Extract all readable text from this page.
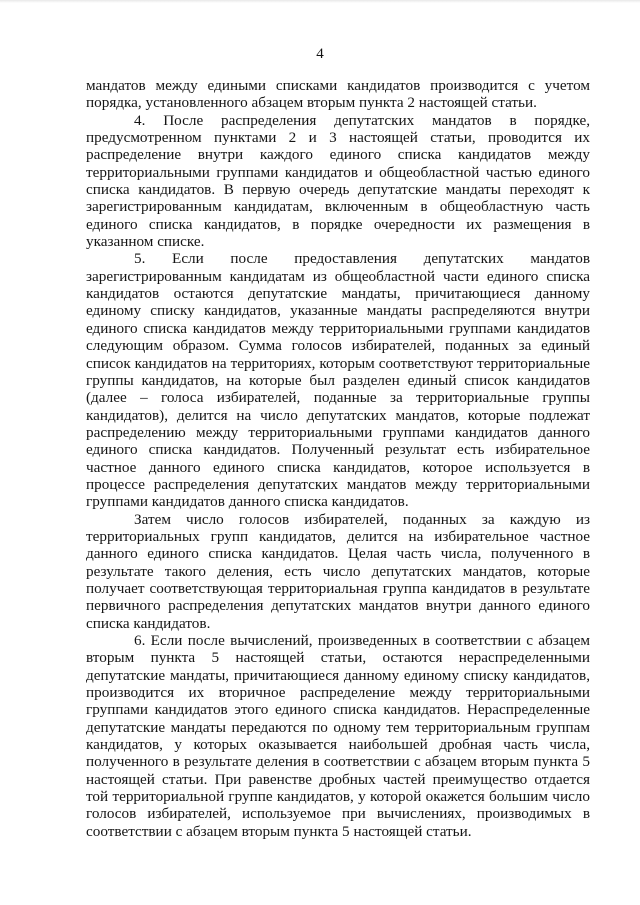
4

мандатов между едиными списками кандидатов производится с учетом порядка, установленного абзацем вторым пункта 2 настоящей статьи.

4. После распределения депутатских мандатов в порядке, предусмотренном пунктами 2 и 3 настоящей статьи, проводится их распределение внутри каждого единого списка кандидатов между территориальными группами кандидатов и общеобластной частью единого списка кандидатов. В первую очередь депутатские мандаты переходят к зарегистрированным кандидатам, включенным в общеобластную часть единого списка кандидатов, в порядке очередности их размещения в указанном списке.

5. Если после предоставления депутатских мандатов зарегистрированным кандидатам из общеобластной части единого списка кандидатов остаются депутатские мандаты, причитающиеся данному единому списку кандидатов, указанные мандаты распределяются внутри единого списка кандидатов между территориальными группами кандидатов следующим образом. Сумма голосов избирателей, поданных за единый список кандидатов на территориях, которым соответствуют территориальные группы кандидатов, на которые был разделен единый список кандидатов (далее – голоса избирателей, поданные за территориальные группы кандидатов), делится на число депутатских мандатов, которые подлежат распределению между территориальными группами кандидатов данного единого списка кандидатов. Полученный результат есть избирательное частное данного единого списка кандидатов, которое используется в процессе распределения депутатских мандатов между территориальными группами кандидатов данного списка кандидатов.

Затем число голосов избирателей, поданных за каждую из территориальных групп кандидатов, делится на избирательное частное данного единого списка кандидатов. Целая часть числа, полученного в результате такого деления, есть число депутатских мандатов, которые получает соответствующая территориальная группа кандидатов в результате первичного распределения депутатских мандатов внутри данного единого списка кандидатов.

6. Если после вычислений, произведенных в соответствии с абзацем вторым пункта 5 настоящей статьи, остаются нераспределенными депутатские мандаты, причитающиеся данному единому списку кандидатов, производится их вторичное распределение между территориальными группами кандидатов этого единого списка кандидатов. Нераспределенные депутатские мандаты передаются по одному тем территориальным группам кандидатов, у которых оказывается наибольшей дробная часть числа, полученного в результате деления в соответствии с абзацем вторым пункта 5 настоящей статьи. При равенстве дробных частей преимущество отдается той территориальной группе кандидатов, у которой окажется большим число голосов избирателей, используемое при вычислениях, производимых в соответствии с абзацем вторым пункта 5 настоящей статьи.
